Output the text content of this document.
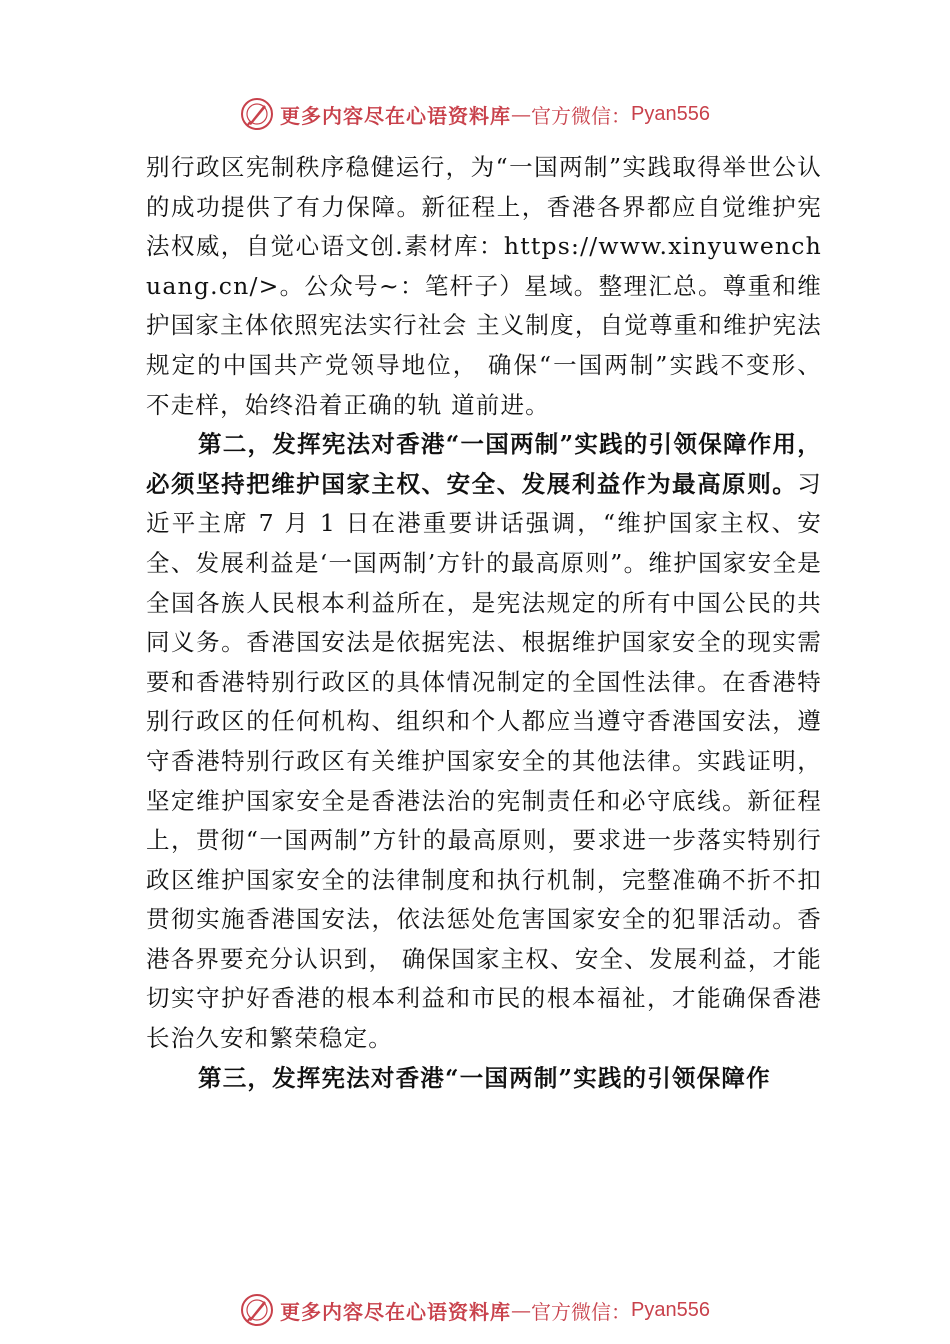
更多内容尽在心语资料库 — 官方微信： Pyan556

别行政区宪制秩序稳健运行，为“一国两制”实践取得举世公认的成功提供了有力保障。新征程上，香港各界都应自觉维护宪法权威，自觉心语文创.素材库：https://www.xinyuwenchuang.cn/>。公众号~：笔杆子）星域。整理汇总。尊重和维护国家主体依照宪法实行社会 主义制度，自觉尊重和维护宪法规定的中国共产党领导地位， 确保“一国两制”实践不变形、不走样，始终沿着正确的轨 道前进。

第二，发挥宪法对香港“一国两制”实践的引领保障作用，必须坚持把维护国家主权、安全、发展利益作为最高原则。习近平主席 7 月 1 日在港重要讲话强调，“维护国家主权、安全、发展利益是‘一国两制’方针的最高原则”。维护国家安全是全国各族人民根本利益所在，是宪法规定的所有中国公民的共同义务。香港国安法是依据宪法、根据维护国家安全的现实需要和香港特别行政区的具体情况制定的全国性法律。在香港特别行政区的任何机构、组织和个人都应当遵守香港国安法，遵守香港特别行政区有关维护国家安全的其他法律。实践证明，坚定维护国家安全是香港法治的宪制责任和必守底线。新征程上，贯彻“一国两制”方针的最高原则，要求进一步落实特别行政区维护国家安全的法律制度和执行机制，完整准确不折不扣贯彻实施香港国安法，依法惩处危害国家安全的犯罪活动。香港各界要充分认识到， 确保国家主权、安全、发展利益，才能切实守护好香港的根本利益和市民的根本福祉，才能确保香港长治久安和繁荣稳定。

第三，发挥宪法对香港“一国两制”实践的引领保障作

更多内容尽在心语资料库 — 官方微信： Pyan556
